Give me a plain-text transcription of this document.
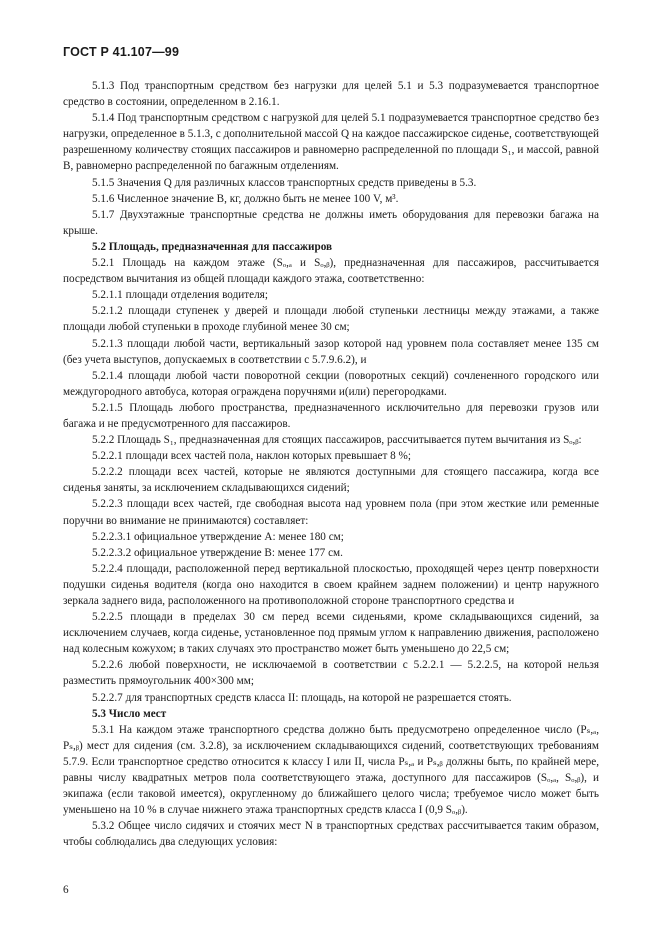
ГОСТ Р 41.107—99

5.1.3 Под транспортным средством без нагрузки для целей 5.1 и 5.3 подразумевается транспортное средство в состоянии, определенном в 2.16.1.

5.1.4 Под транспортным средством с нагрузкой для целей 5.1 подразумевается транспортное средство без нагрузки, определенное в 5.1.3, с дополнительной массой Q на каждое пассажирское сиденье, соответствующей разрешенному количеству стоящих пассажиров и равномерно распределенной по площади S₁, и массой, равной B, равномерно распределенной по багажным отделениям.

5.1.5 Значения Q для различных классов транспортных средств приведены в 5.3.

5.1.6 Численное значение B, кг, должно быть не менее 100 V, м³.

5.1.7 Двухэтажные транспортные средства не должны иметь оборудования для перевозки багажа на крыше.

5.2 Площадь, предназначенная для пассажиров

5.2.1 Площадь на каждом этаже (Sₒ,ₐ и Sₒ,ᵦ), предназначенная для пассажиров, рассчитывается посредством вычитания из общей площади каждого этажа, соответственно:

5.2.1.1 площади отделения водителя;

5.2.1.2 площади ступенек у дверей и площади любой ступеньки лестницы между этажами, а также площади любой ступеньки в проходе глубиной менее 30 см;

5.2.1.3 площади любой части, вертикальный зазор которой над уровнем пола составляет менее 135 см (без учета выступов, допускаемых в соответствии с 5.7.9.6.2), и

5.2.1.4 площади любой части поворотной секции (поворотных секций) сочлененного городского или междугородного автобуса, которая ограждена поручнями и(или) перегородками.

5.2.1.5 Площадь любого пространства, предназначенного исключительно для перевозки грузов или багажа и не предусмотренного для пассажиров.

5.2.2 Площадь S₁, предназначенная для стоящих пассажиров, рассчитывается путем вычитания из Sₒ,ᵦ:

5.2.2.1 площади всех частей пола, наклон которых превышает 8 %;

5.2.2.2 площади всех частей, которые не являются доступными для стоящего пассажира, когда все сиденья заняты, за исключением складывающихся сидений;

5.2.2.3 площади всех частей, где свободная высота над уровнем пола (при этом жесткие или ременные поручни во внимание не принимаются) составляет:

5.2.2.3.1 официальное утверждение А: менее 180 см;

5.2.2.3.2 официальное утверждение В: менее 177 см.

5.2.2.4 площади, расположенной перед вертикальной плоскостью, проходящей через центр поверхности подушки сиденья водителя (когда оно находится в своем крайнем заднем положении) и центр наружного зеркала заднего вида, расположенного на противоположной стороне транспортного средства и

5.2.2.5 площади в пределах 30 см перед всеми сиденьями, кроме складывающихся сидений, за исключением случаев, когда сиденье, установленное под прямым углом к направлению движения, расположено над колесным кожухом; в таких случаях это пространство может быть уменьшено до 22,5 см;

5.2.2.6 любой поверхности, не исключаемой в соответствии с 5.2.2.1 — 5.2.2.5, на которой нельзя разместить прямоугольник 400×300 мм;

5.2.2.7 для транспортных средств класса II: площадь, на которой не разрешается стоять.

5.3 Число мест

5.3.1 На каждом этаже транспортного средства должно быть предусмотрено определенное число (Pₛ,ₐ, Pₛ,ᵦ) мест для сидения (см. 3.2.8), за исключением складывающихся сидений, соответствующих требованиям 5.7.9. Если транспортное средство относится к классу I или II, числа Pₛ,ₐ и Pₛ,ᵦ должны быть, по крайней мере, равны числу квадратных метров пола соответствующего этажа, доступного для пассажиров (Sₒ,ₐ, Sₒ,ᵦ), и экипажа (если таковой имеется), округленному до ближайшего целого числа; требуемое число может быть уменьшено на 10 % в случае нижнего этажа транспортных средств класса I (0,9 Sₒ,ᵦ).

5.3.2 Общее число сидячих и стоячих мест N в транспортных средствах рассчитывается таким образом, чтобы соблюдались два следующих условия:

6
